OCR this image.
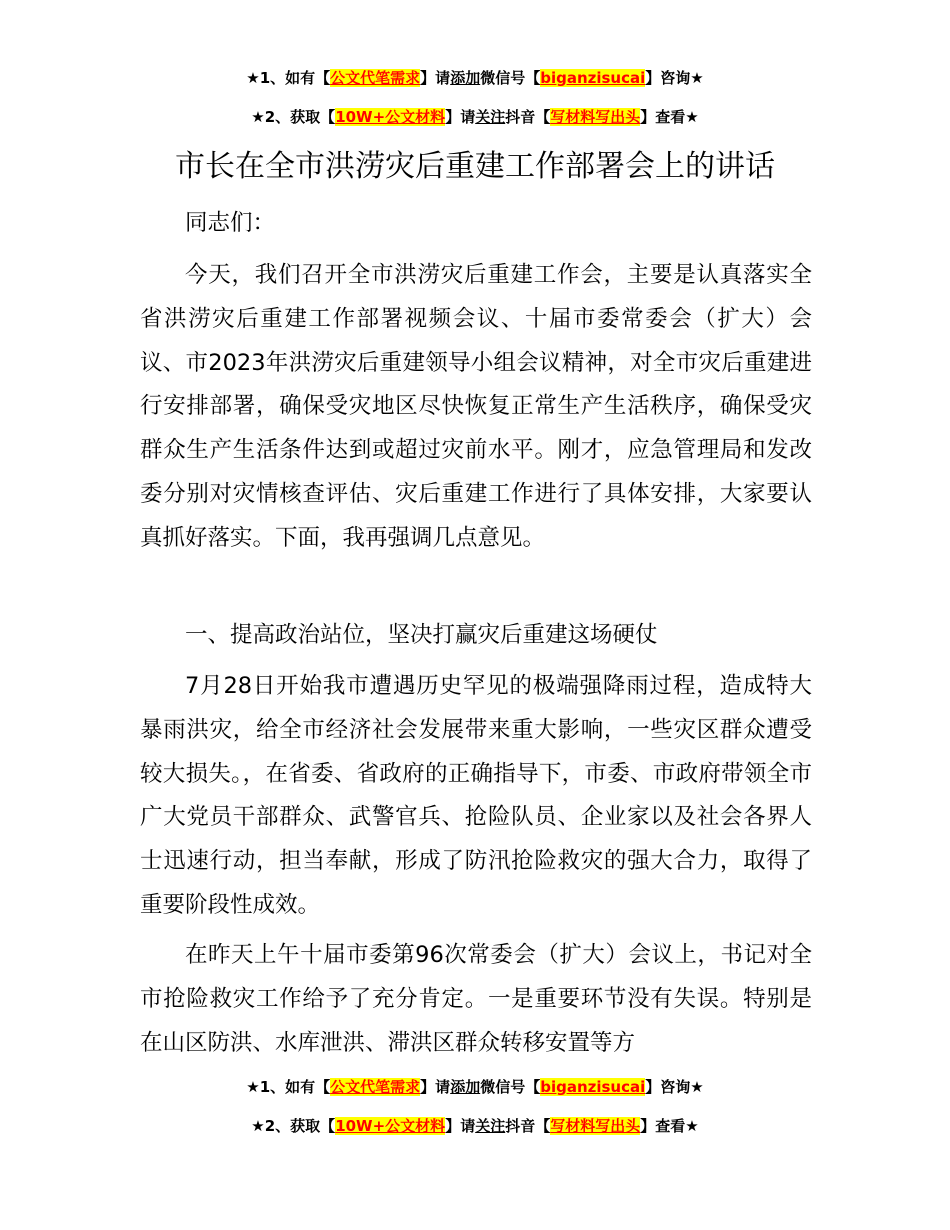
★1、如有【公文代笔需求】请添加微信号【biganzisucai】咨询★
★2、获取【10W+公文材料】请关注抖音【写材料写出头】查看★
市长在全市洪涝灾后重建工作部署会上的讲话

同志们：

今天，我们召开全市洪涝灾后重建工作会，主要是认真落实全省洪涝灾后重建工作部署视频会议、十届市委常委会（扩大）会议、市2023年洪涝灾后重建领导小组会议精神，对全市灾后重建进行安排部署，确保受灾地区尽快恢复正常生产生活秩序，确保受灾群众生产生活条件达到或超过灾前水平。刚才，应急管理局和发改委分别对灾情核查评估、灾后重建工作进行了具体安排，大家要认真抓好落实。下面，我再强调几点意见。

一、提高政治站位，坚决打赢灾后重建这场硬仗

7月28日开始我市遭遇历史罕见的极端强降雨过程，造成特大暴雨洪灾，给全市经济社会发展带来重大影响，一些灾区群众遭受较大损失。，在省委、省政府的正确指导下，市委、市政府带领全市广大党员干部群众、武警官兵、抢险队员、企业家以及社会各界人士迅速行动，担当奉献，形成了防汛抢险救灾的强大合力，取得了重要阶段性成效。

在昨天上午十届市委第96次常委会（扩大）会议上，书记对全市抢险救灾工作给予了充分肯定。一是重要环节没有失误。特别是在山区防洪、水库泄洪、滞洪区群众转移安置等方

★1、如有【公文代笔需求】请添加微信号【biganzisucai】咨询★
★2、获取【10W+公文材料】请关注抖音【写材料写出头】查看★
